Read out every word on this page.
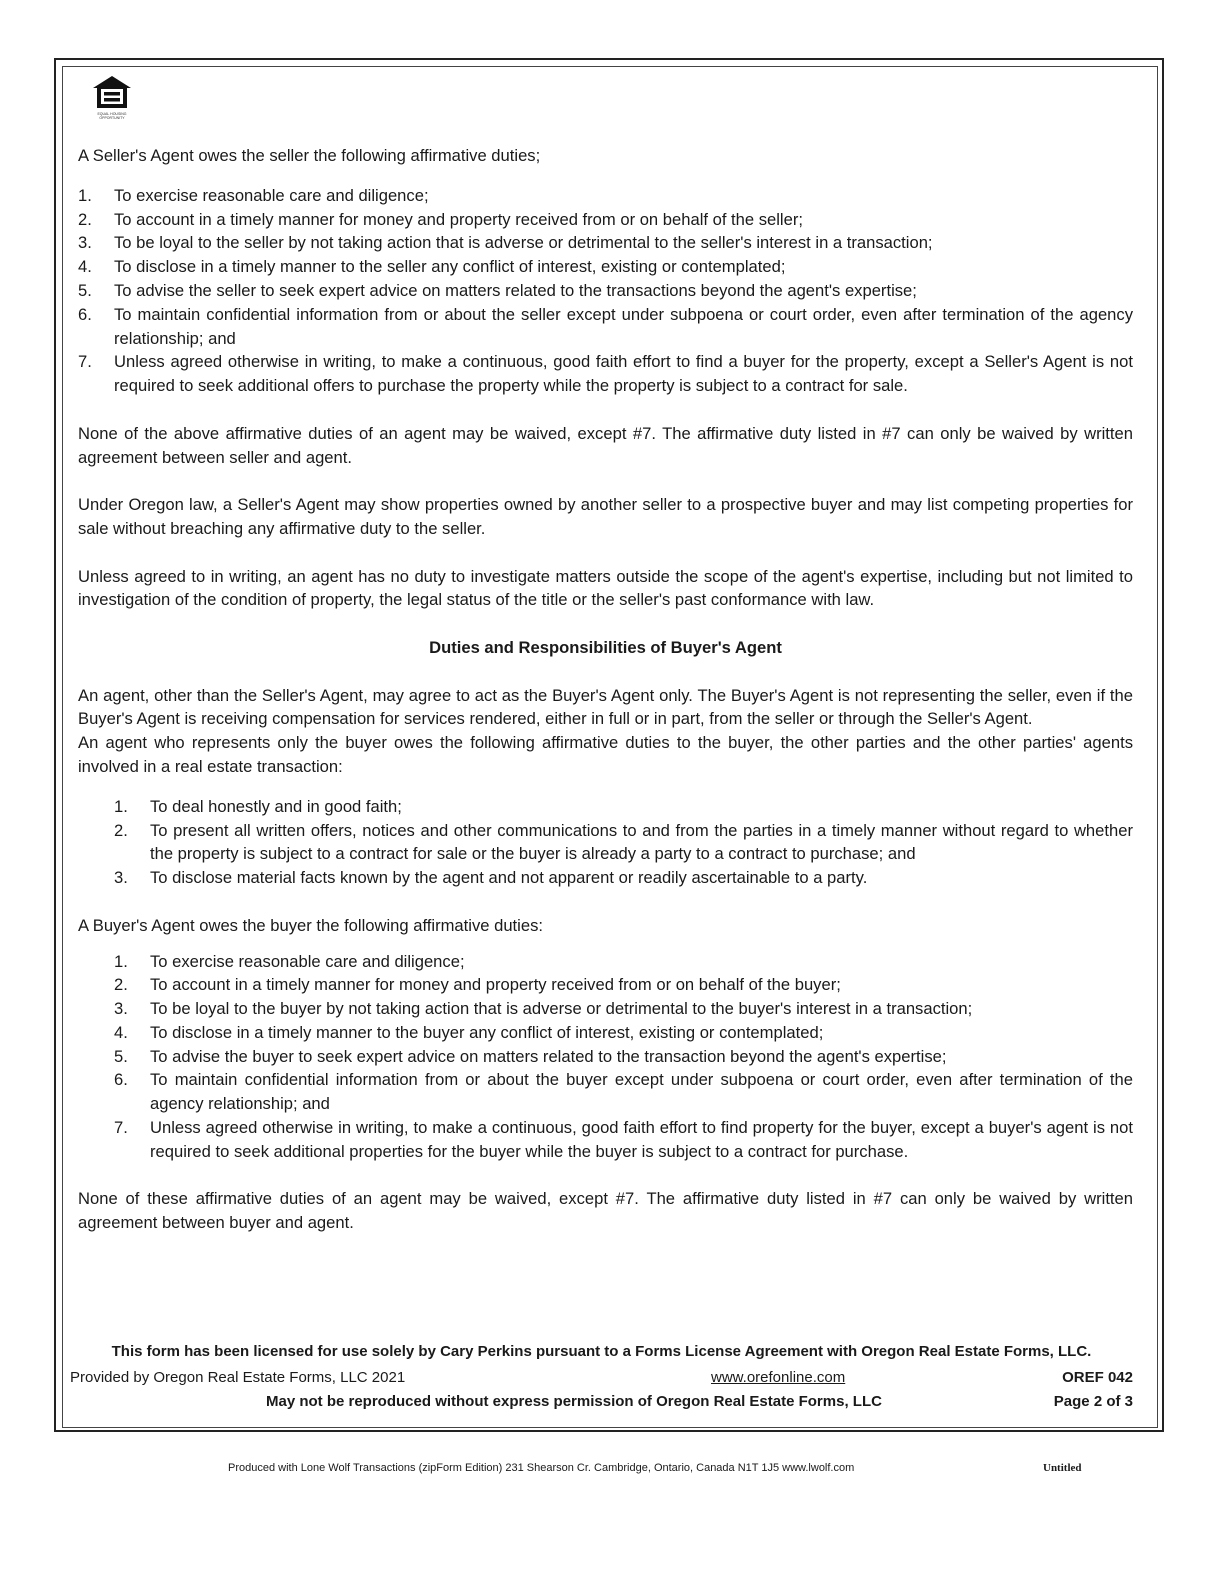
EQUAL HOUSING
OPPORTUNITY

A Seller's Agent owes the seller the following affirmative duties;

1. To exercise reasonable care and diligence;
2. To account in a timely manner for money and property received from or on behalf of the seller;
3. To be loyal to the seller by not taking action that is adverse or detrimental to the seller's interest in a transaction;
4. To disclose in a timely manner to the seller any conflict of interest, existing or contemplated;
5. To advise the seller to seek expert advice on matters related to the transactions beyond the agent's expertise;
6. To maintain confidential information from or about the seller except under subpoena or court order, even after termination of the agency relationship; and
7. Unless agreed otherwise in writing, to make a continuous, good faith effort to find a buyer for the property, except a Seller's Agent is not required to seek additional offers to purchase the property while the property is subject to a contract for sale.

None of the above affirmative duties of an agent may be waived, except #7. The affirmative duty listed in #7 can only be waived by written agreement between seller and agent.

Under Oregon law, a Seller's Agent may show properties owned by another seller to a prospective buyer and may list competing properties for sale without breaching any affirmative duty to the seller.

Unless agreed to in writing, an agent has no duty to investigate matters outside the scope of the agent's expertise, including but not limited to investigation of the condition of property, the legal status of the title or the seller's past conformance with law.

Duties and Responsibilities of Buyer's Agent

An agent, other than the Seller's Agent, may agree to act as the Buyer's Agent only. The Buyer's Agent is not representing the seller, even if the Buyer's Agent is receiving compensation for services rendered, either in full or in part, from the seller or through the Seller's Agent.

An agent who represents only the buyer owes the following affirmative duties to the buyer, the other parties and the other parties' agents involved in a real estate transaction:

1. To deal honestly and in good faith;
2. To present all written offers, notices and other communications to and from the parties in a timely manner without regard to whether the property is subject to a contract for sale or the buyer is already a party to a contract to purchase; and
3. To disclose material facts known by the agent and not apparent or readily ascertainable to a party.

A Buyer's Agent owes the buyer the following affirmative duties:

1. To exercise reasonable care and diligence;
2. To account in a timely manner for money and property received from or on behalf of the buyer;
3. To be loyal to the buyer by not taking action that is adverse or detrimental to the buyer's interest in a transaction;
4. To disclose in a timely manner to the buyer any conflict of interest, existing or contemplated;
5. To advise the buyer to seek expert advice on matters related to the transaction beyond the agent's expertise;
6. To maintain confidential information from or about the buyer except under subpoena or court order, even after termination of the agency relationship; and
7. Unless agreed otherwise in writing, to make a continuous, good faith effort to find property for the buyer, except a buyer's agent is not required to seek additional properties for the buyer while the buyer is subject to a contract for purchase.

None of these affirmative duties of an agent may be waived, except #7. The affirmative duty listed in #7 can only be waived by written agreement between buyer and agent.

This form has been licensed for use solely by Cary Perkins pursuant to a Forms License Agreement with Oregon Real Estate Forms, LLC.
Provided by Oregon Real Estate Forms, LLC 2021	www.orefonline.com	OREF 042
May not be reproduced without express permission of Oregon Real Estate Forms, LLC	Page 2 of 3
Produced with Lone Wolf Transactions (zipForm Edition) 231 Shearson Cr. Cambridge, Ontario, Canada N1T 1J5 www.lwolf.com	Untitled
